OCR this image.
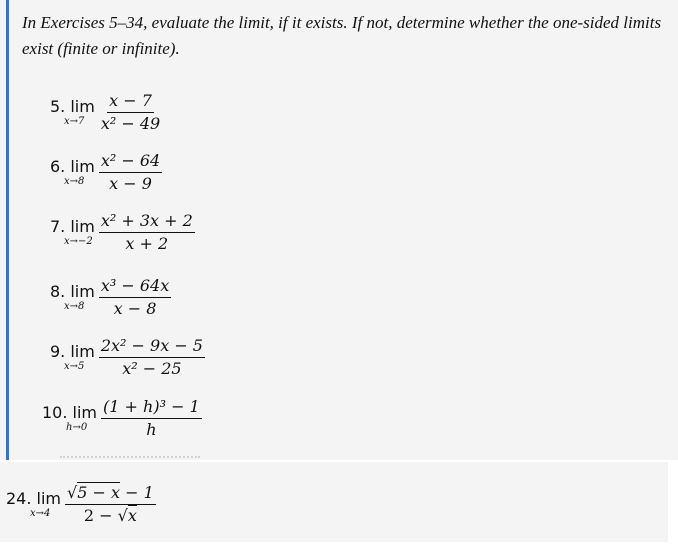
In Exercises 5–34, evaluate the limit, if it exists. If not, determine whether the one-sided limits exist (finite or infinite).
5. lim
$x\to 7 \frac{x - 7}{\text{x² − 49}}$
6. lim
$x\to 8 \frac{\text{x² − 64}}{x - 9}$
7. lim
$x\to-2 \frac{\text{x² + 3x + 2}}{x + 2}$
8. lim
$x\to 8 \frac{\text{x³ − 64x}}{x - 8}$
9. lim
$x\to 5 \frac{\text{2x² − 9x − 5}}{\text{x² − 25}}$
10. lim
$h\to 0 \frac{\text{(1 + h)³ − 1}}{h}$
24. lim
$x\to 4 \frac{√5 - x - 1}{2 - √x}$
